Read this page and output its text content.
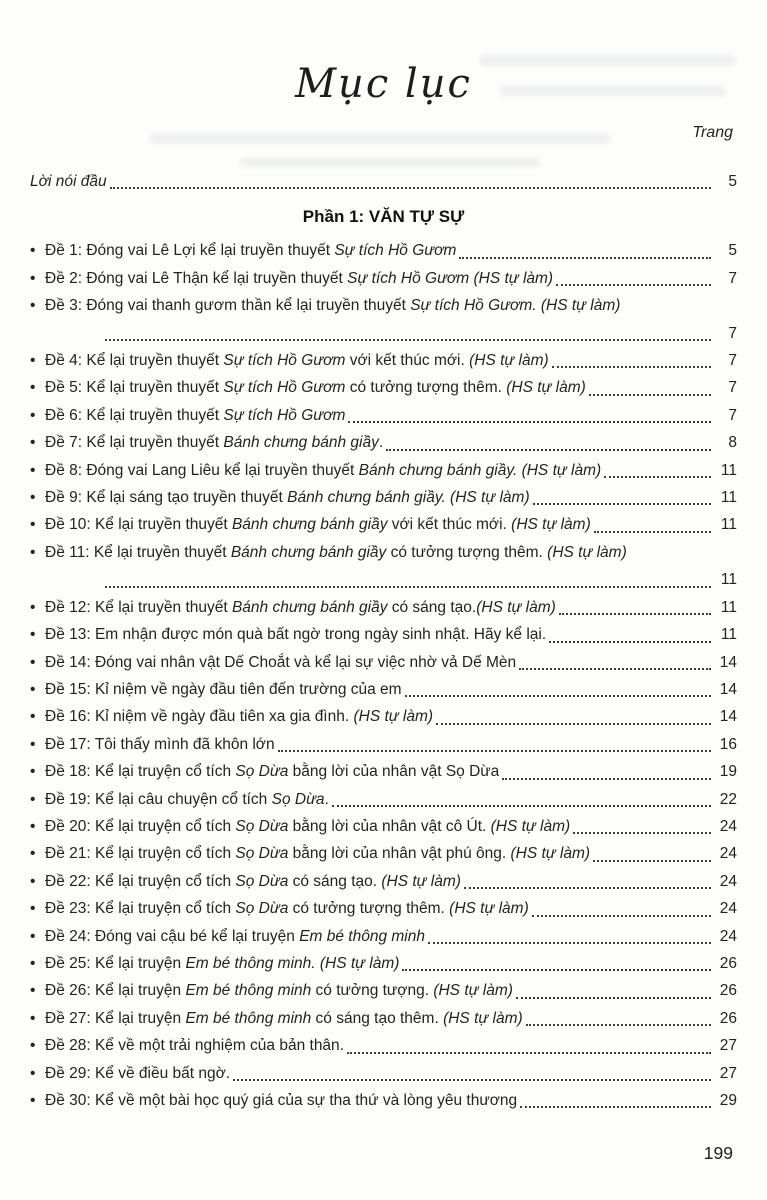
Mục lục
Trang
Lời nói đầu	5
Phần 1: VĂN TỰ SỰ
• Đề 1: Đóng vai Lê Lợi kể lại truyền thuyết Sự tích Hồ Gươm	5
• Đề 2: Đóng vai Lê Thận kể lại truyền thuyết Sự tích Hồ Gươm (HS tự làm)	7
• Đề 3: Đóng vai thanh gươm thần kể lại truyền thuyết Sự tích Hồ Gươm. (HS tự làm)
7
• Đề 4: Kể lại truyền thuyết Sự tích Hồ Gươm với kết thúc mới. (HS tự làm)	7
• Đề 5: Kể lại truyền thuyết Sự tích Hồ Gươm có tưởng tượng thêm. (HS tự làm)	7
• Đề 6: Kể lại truyền thuyết Sự tích Hồ Gươm	7
• Đề 7: Kể lại truyền thuyết Bánh chưng bánh giầy.	8
• Đề 8: Đóng vai Lang Liêu kể lại truyền thuyết Bánh chưng bánh giầy. (HS tự làm)	11
• Đề 9: Kể lại sáng tạo truyền thuyết Bánh chưng bánh giầy. (HS tự làm)	11
• Đề 10: Kể lại truyền thuyết Bánh chưng bánh giầy với kết thúc mới. (HS tự làm)	11
• Đề 11: Kể lại truyền thuyết Bánh chưng bánh giầy có tưởng tượng thêm. (HS tự làm)
11
• Đề 12: Kể lại truyền thuyết Bánh chưng bánh giầy có sáng tạo.(HS tự làm)	11
• Đề 13: Em nhận được món quà bất ngờ trong ngày sinh nhật. Hãy kể lại.	11
• Đề 14: Đóng vai nhân vật Dế Choắt và kể lại sự việc nhờ vả Dế Mèn	14
• Đề 15: Kỉ niệm về ngày đầu tiên đến trường của em	14
• Đề 16: Kỉ niệm về ngày đầu tiên xa gia đình. (HS tự làm)	14
• Đề 17: Tôi thấy mình đã khôn lớn	16
• Đề 18: Kể lại truyện cổ tích Sọ Dừa bằng lời của nhân vật Sọ Dừa	19
• Đề 19: Kể lại câu chuyện cổ tích Sọ Dừa.	22
• Đề 20: Kể lại truyện cổ tích Sọ Dừa bằng lời của nhân vật cô Út. (HS tự làm)	24
• Đề 21: Kể lại truyện cổ tích Sọ Dừa bằng lời của nhân vật phú ông. (HS tự làm)	24
• Đề 22: Kể lại truyện cổ tích Sọ Dừa có sáng tạo. (HS tự làm)	24
• Đề 23: Kể lại truyện cổ tích Sọ Dừa có tưởng tượng thêm. (HS tự làm)	24
• Đề 24: Đóng vai cậu bé kể lại truyện Em bé thông minh	24
• Đề 25: Kể lại truyện Em bé thông minh. (HS tự làm)	26
• Đề 26: Kể lại truyện Em bé thông minh có tưởng tượng. (HS tự làm)	26
• Đề 27: Kể lại truyện Em bé thông minh có sáng tạo thêm. (HS tự làm)	26
• Đề 28: Kể về một trải nghiệm của bản thân.	27
• Đề 29: Kể về điều bất ngờ.	27
• Đề 30: Kể về một bài học quý giá của sự tha thứ và lòng yêu thương	29
199
